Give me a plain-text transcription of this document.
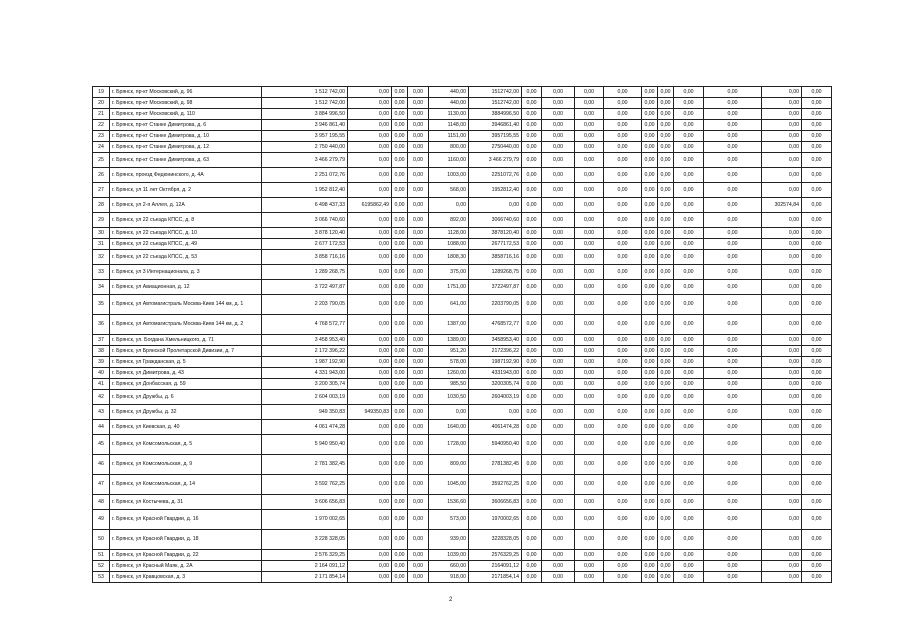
19	г. Брянск, пр-кт Московский, д. 96	1 512 742,00	0,00	0,00	0,00	440,00	1512742,00	0,00	0,00	0,00	0,00	0,00	0,00	0,00	0,00	0,00	0,00
20	г. Брянск, пр-кт Московский, д. 98	1 512 742,00	0,00	0,00	0,00	440,00	1512742,00	0,00	0,00	0,00	0,00	0,00	0,00	0,00	0,00	0,00	0,00
21	г. Брянск, пр-кт Московский, д. 110	3 884 996,50	0,00	0,00	0,00	1130,00	3884996,50	0,00	0,00	0,00	0,00	0,00	0,00	0,00	0,00	0,00	0,00
22	г. Брянск, пр-кт Станке Димитрова, д. 6	3 946 861,40	0,00	0,00	0,00	1148,00	3946861,40	0,00	0,00	0,00	0,00	0,00	0,00	0,00	0,00	0,00	0,00
23	г. Брянск, пр-кт Станке Димитрова, д. 10	3 957 195,55	0,00	0,00	0,00	1151,00	3957195,55	0,00	0,00	0,00	0,00	0,00	0,00	0,00	0,00	0,00	0,00
24	г. Брянск, пр-кт Станке Димитрова, д. 12	2 750 440,00	0,00	0,00	0,00	800,00	2750440,00	0,00	0,00	0,00	0,00	0,00	0,00	0,00	0,00	0,00	0,00
25	г. Брянск, пр-кт Станке Димитрова, д. 63	3 466 279,79	0,00	0,00	0,00	1160,00	3 466 279,79	0,00	0,00	0,00	0,00	0,00	0,00	0,00	0,00	0,00	0,00
26	г. Брянск, проезд Федюнинского, д. 4А	2 251 072,76	0,00	0,00	0,00	1003,00	2251072,76	0,00	0,00	0,00	0,00	0,00	0,00	0,00	0,00	0,00	0,00
27	г. Брянск, ул 11 лет Октября, д. 2	1 952 812,40	0,00	0,00	0,00	568,00	1952812,40	0,00	0,00	0,00	0,00	0,00	0,00	0,00	0,00	0,00	0,00
28	г. Брянск, ул 2-я Аллея, д. 12А	6 498 437,33	6195862,49	0,00	0,00	0,00	0,00	0,00	0,00	0,00	0,00	0,00	0,00	0,00	0,00	302574,84	0,00
29	г. Брянск, ул 22 съезда КПСС, д. 8	3 066 740,60	0,00	0,00	0,00	892,00	3066740,60	0,00	0,00	0,00	0,00	0,00	0,00	0,00	0,00	0,00	0,00
30	г. Брянск, ул 22 съезда КПСС, д. 10	3 878 120,40	0,00	0,00	0,00	1128,00	3878120,40	0,00	0,00	0,00	0,00	0,00	0,00	0,00	0,00	0,00	0,00
31	г. Брянск, ул 22 съезда КПСС, д. 49	2 677 172,53	0,00	0,00	0,00	1088,00	2677172,53	0,00	0,00	0,00	0,00	0,00	0,00	0,00	0,00	0,00	0,00
32	г. Брянск, ул 22 съезда КПСС, д. 53	3 858 716,16	0,00	0,00	0,00	1808,30	3858716,16	0,00	0,00	0,00	0,00	0,00	0,00	0,00	0,00	0,00	0,00
33	г. Брянск, ул 3 Интернационала, д. 3	1 289 268,75	0,00	0,00	0,00	375,00	1289268,75	0,00	0,00	0,00	0,00	0,00	0,00	0,00	0,00	0,00	0,00
34	г. Брянск, ул Авиационная, д. 12	3 722 497,87	0,00	0,00	0,00	1751,00	3722497,87	0,00	0,00	0,00	0,00	0,00	0,00	0,00	0,00	0,00	0,00
35	г. Брянск, ул Автомагистраль Москва-Киев 144 км, д. 1	2 203 790,05	0,00	0,00	0,00	641,00	2203790,05	0,00	0,00	0,00	0,00	0,00	0,00	0,00	0,00	0,00	0,00
36	г. Брянск, ул Автомагистраль Москва-Киев 144 км, д. 2	4 768 572,77	0,00	0,00	0,00	1387,00	4768572,77	0,00	0,00	0,00	0,00	0,00	0,00	0,00	0,00	0,00	0,00
37	г. Брянск, ул. Богдана Хмельницкого, д. 71	3 458 953,40	0,00	0,00	0,00	1389,00	3458953,40	0,00	0,00	0,00	0,00	0,00	0,00	0,00	0,00	0,00	0,00
38	г. Брянск, ул Брянской Пролетарской Дивизии, д. 7	2 172 396,22	0,00	0,00	0,00	951,20	2172396,22	0,00	0,00	0,00	0,00	0,00	0,00	0,00	0,00	0,00	0,00
39	г. Брянск, ул Гражданская, д. 5	1 987 192,90	0,00	0,00	0,00	578,00	1987192,90	0,00	0,00	0,00	0,00	0,00	0,00	0,00	0,00	0,00	0,00
40	г. Брянск, ул Димитрова, д. 43	4 331 943,00	0,00	0,00	0,00	1260,00	4331943,00	0,00	0,00	0,00	0,00	0,00	0,00	0,00	0,00	0,00	0,00
41	г. Брянск, ул Донбасская, д. 59	3 200 305,74	0,00	0,00	0,00	985,50	3200305,74	0,00	0,00	0,00	0,00	0,00	0,00	0,00	0,00	0,00	0,00
42	г. Брянск, ул Дружбы, д. 6	2 604 003,19	0,00	0,00	0,00	1030,50	2604003,19	0,00	0,00	0,00	0,00	0,00	0,00	0,00	0,00	0,00	0,00
43	г. Брянск, ул Дружбы, д. 32	949 350,83	949350,83	0,00	0,00	0,00	0,00	0,00	0,00	0,00	0,00	0,00	0,00	0,00	0,00	0,00	0,00
44	г. Брянск, ул Киевская, д. 40	4 061 474,28	0,00	0,00	0,00	1640,00	4061474,28	0,00	0,00	0,00	0,00	0,00	0,00	0,00	0,00	0,00	0,00
45	г. Брянск, ул Комсомольская, д. 5	5 940 950,40	0,00	0,00	0,00	1728,00	5940950,40	0,00	0,00	0,00	0,00	0,00	0,00	0,00	0,00	0,00	0,00
46	г. Брянск, ул Комсомольская, д. 9	2 781 382,45	0,00	0,00	0,00	809,00	2781382,45	0,00	0,00	0,00	0,00	0,00	0,00	0,00	0,00	0,00	0,00
47	г. Брянск, ул Комсомольская, д. 14	3 592 762,25	0,00	0,00	0,00	1045,00	3592762,25	0,00	0,00	0,00	0,00	0,00	0,00	0,00	0,00	0,00	0,00
48	г. Брянск, ул Костычева, д. 31	3 606 656,83	0,00	0,00	0,00	1536,60	3606656,83	0,00	0,00	0,00	0,00	0,00	0,00	0,00	0,00	0,00	0,00
49	г. Брянск, ул Красной Гвардии, д. 16	1 970 002,65	0,00	0,00	0,00	573,00	1970002,65	0,00	0,00	0,00	0,00	0,00	0,00	0,00	0,00	0,00	0,00
50	г. Брянск, ул Красной Гвардии, д. 18	3 228 328,05	0,00	0,00	0,00	939,00	3228328,05	0,00	0,00	0,00	0,00	0,00	0,00	0,00	0,00	0,00	0,00
51	г. Брянск, ул Красной Гвардии, д. 22	2 576 329,25	0,00	0,00	0,00	1039,00	2576329,25	0,00	0,00	0,00	0,00	0,00	0,00	0,00	0,00	0,00	0,00
52	г. Брянск, ул Красный Маяк, д. 2А	2 164 091,12	0,00	0,00	0,00	660,00	2164091,12	0,00	0,00	0,00	0,00	0,00	0,00	0,00	0,00	0,00	0,00
53	г. Брянск, ул Кравцовская, д. 3	2 171 854,14	0,00	0,00	0,00	918,00	2171854,14	0,00	0,00	0,00	0,00	0,00	0,00	0,00	0,00	0,00	0,00
2
